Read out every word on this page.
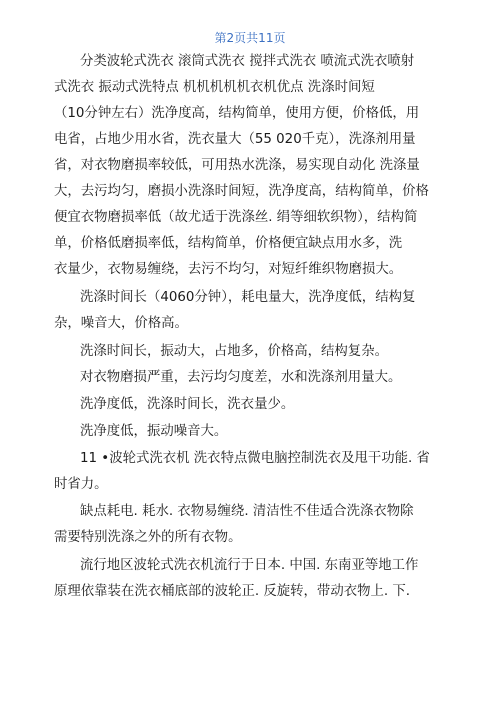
第2页共11页
分类波轮式洗衣 滚筒式洗衣 搅拌式洗衣 喷流式洗衣喷射
式洗衣 振动式洗特点 机机机机机衣机优点 洗涤时间短
（10分钟左右）洗净度高，结构简单，使用方便，价格低，用
电省，占地少用水省，洗衣量大（55 020千克），洗涤剂用量
省，对衣物磨损率较低，可用热水洗涤，易实现自动化 洗涤量
大，去污均匀，磨损小洗涤时间短，洗净度高，结构简单，价格
便宜衣物磨损率低（故尤适于洗涤丝. 绢等细软织物），结构简
单，价格低磨损率低，结构简单，价格便宜缺点用水多，洗
衣量少，衣物易缠绕，去污不均匀，对短纤维织物磨损大。
洗涤时间长（4060分钟），耗电量大，洗净度低，结构复
杂，噪音大，价格高。
洗涤时间长，振动大，占地多，价格高，结构复杂。
对衣物磨损严重，去污均匀度差，水和洗涤剂用量大。
洗净度低，洗涤时间长，洗衣量少。
洗净度低，振动噪音大。
11 •波轮式洗衣机 洗衣特点微电脑控制洗衣及甩干功能. 省
时省力。
缺点耗电. 耗水. 衣物易缠绕. 清洁性不佳适合洗涤衣物除
需要特别洗涤之外的所有衣物。
流行地区波轮式洗衣机流行于日本. 中国. 东南亚等地工作
原理依靠装在洗衣桶底部的波轮正. 反旋转，带动衣物上. 下.
